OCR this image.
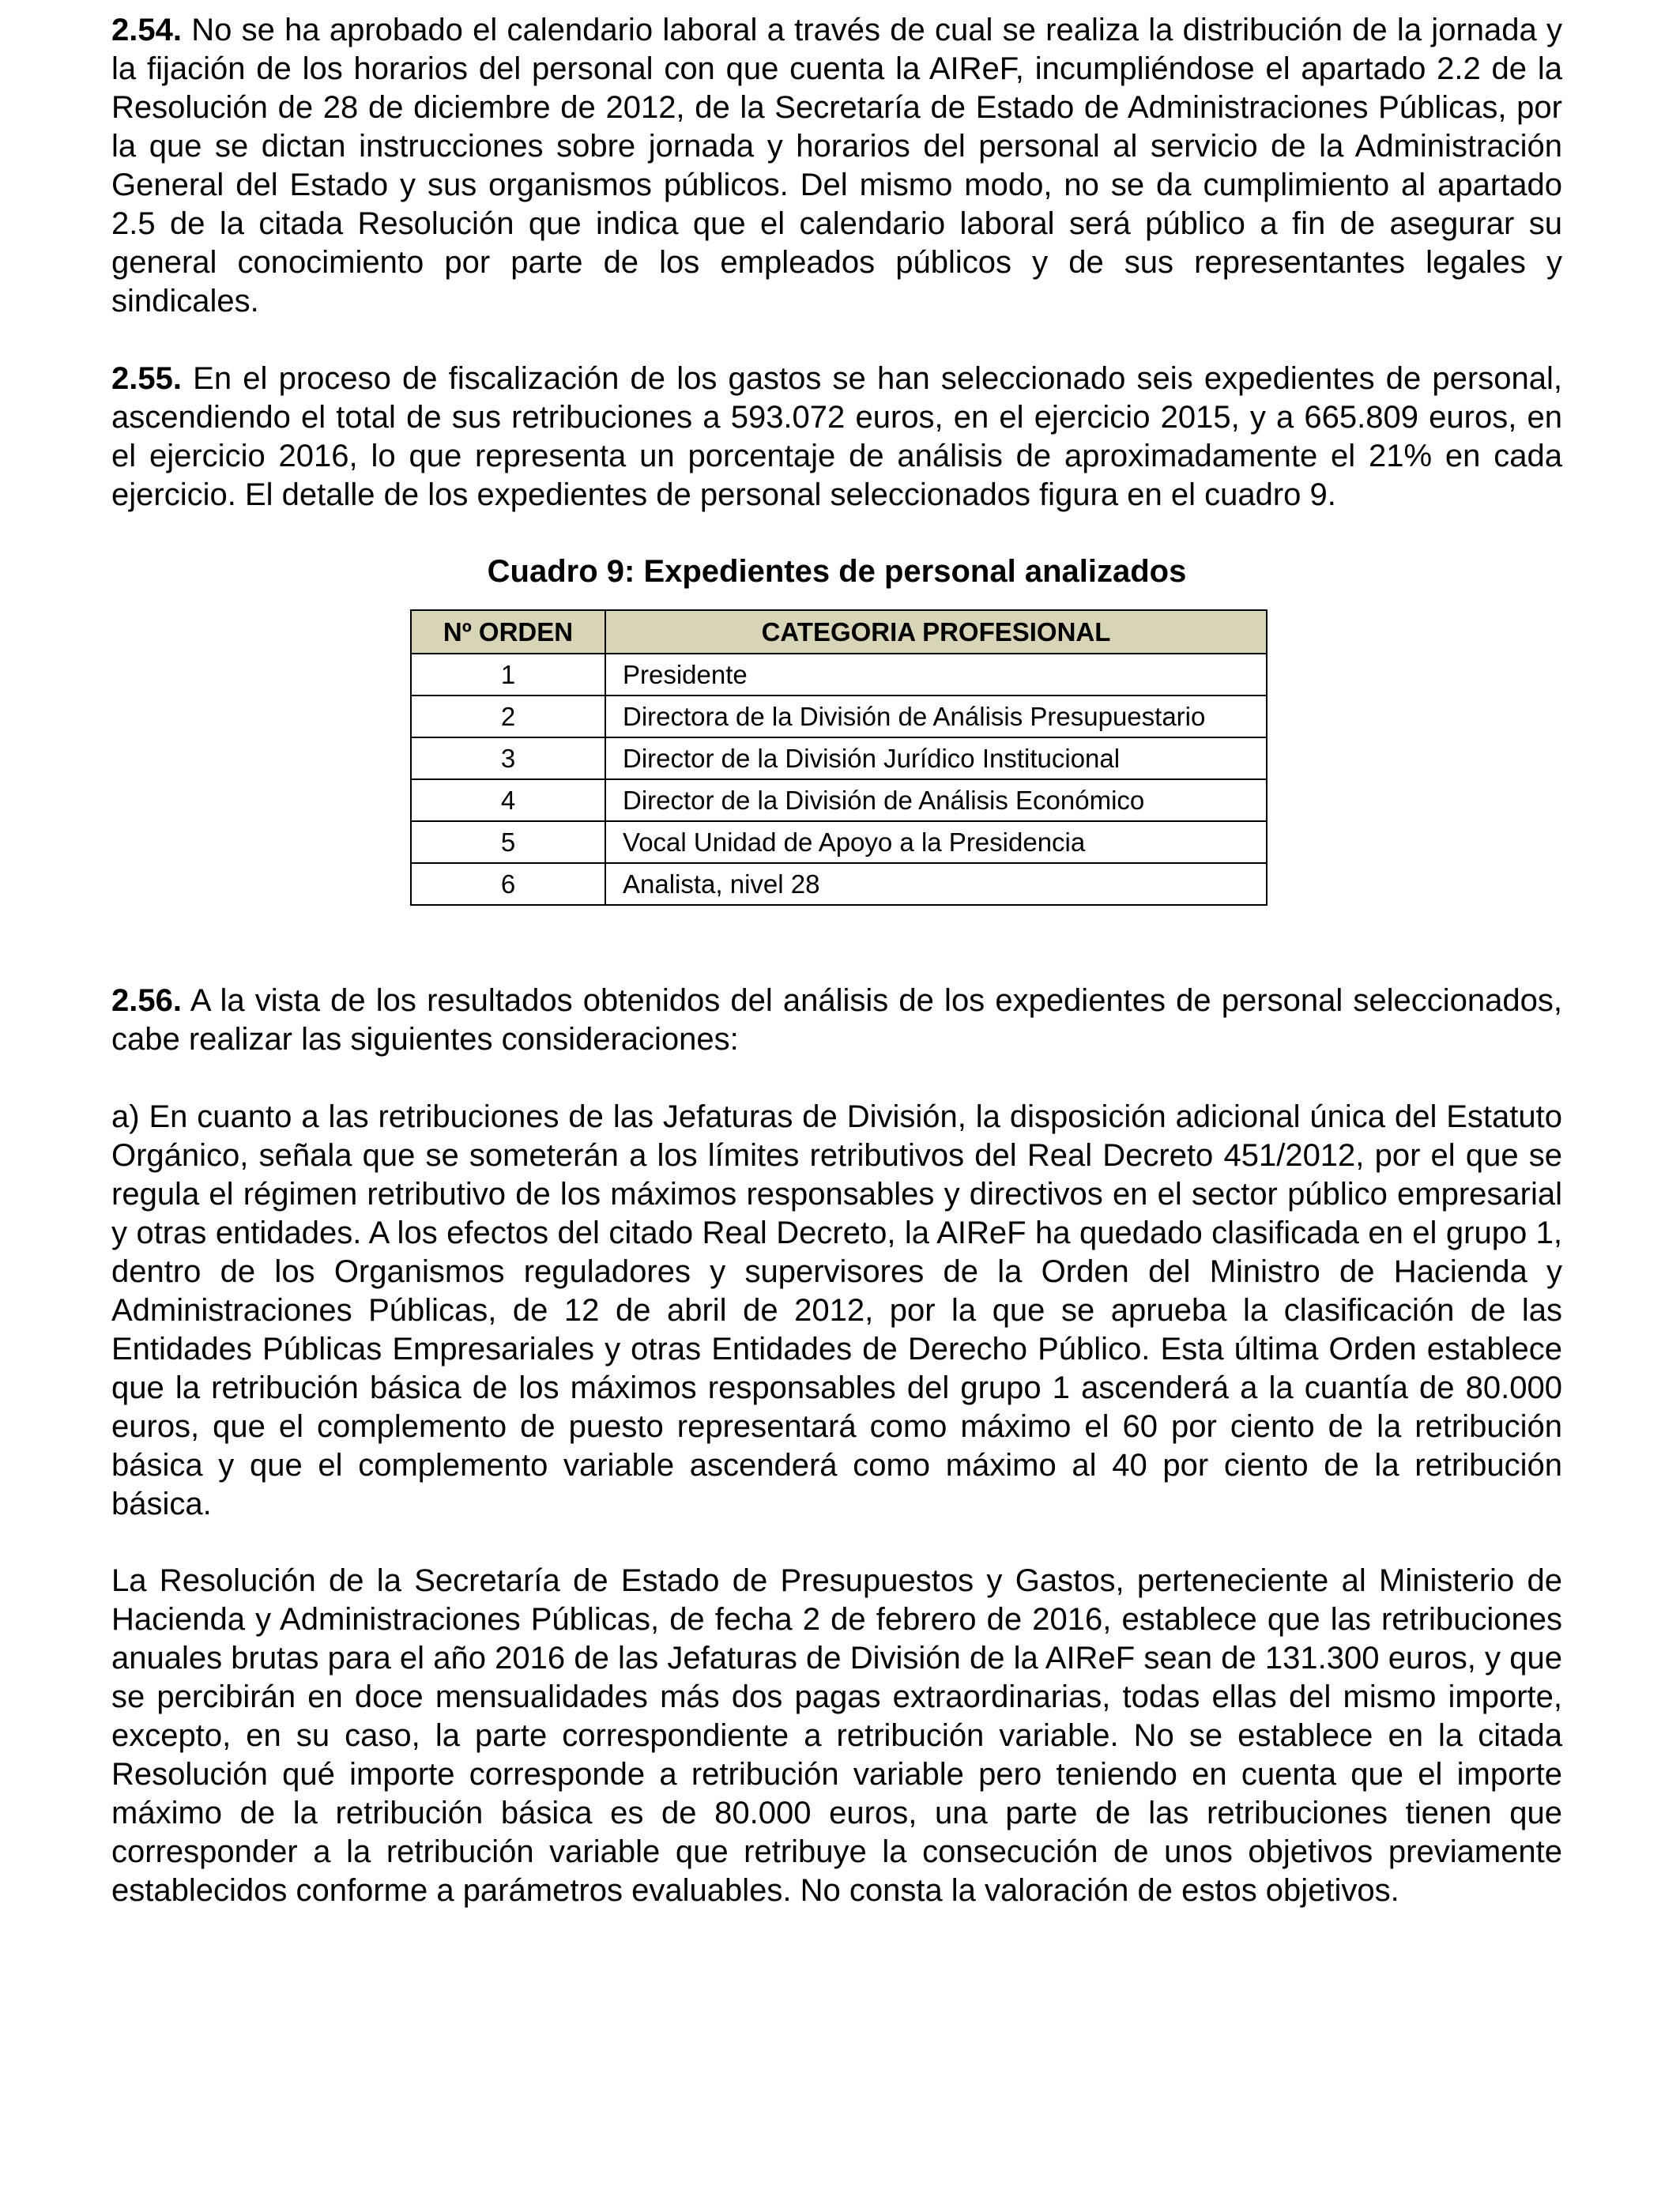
2.54. No se ha aprobado el calendario laboral a través de cual se realiza la distribución de la jornada y la fijación de los horarios del personal con que cuenta la AIReF, incumpliéndose el apartado 2.2 de la Resolución de 28 de diciembre de 2012, de la Secretaría de Estado de Administraciones Públicas, por la que se dictan instrucciones sobre jornada y horarios del personal al servicio de la Administración General del Estado y sus organismos públicos. Del mismo modo, no se da cumplimiento al apartado 2.5 de la citada Resolución que indica que el calendario laboral será público a fin de asegurar su general conocimiento por parte de los empleados públicos y de sus representantes legales y sindicales.

2.55. En el proceso de fiscalización de los gastos se han seleccionado seis expedientes de personal, ascendiendo el total de sus retribuciones a 593.072 euros, en el ejercicio 2015, y a 665.809 euros, en el ejercicio 2016, lo que representa un porcentaje de análisis de aproximadamente el 21% en cada ejercicio. El detalle de los expedientes de personal seleccionados figura en el cuadro 9.

Cuadro 9: Expedientes de personal analizados
Nº ORDEN	CATEGORIA PROFESIONAL
1	Presidente
2	Directora de la División de Análisis Presupuestario
3	Director de la División Jurídico Institucional
4	Director de la División de Análisis Económico
5	Vocal Unidad de Apoyo a la Presidencia
6	Analista, nivel 28

2.56. A la vista de los resultados obtenidos del análisis de los expedientes de personal seleccionados, cabe realizar las siguientes consideraciones:

a) En cuanto a las retribuciones de las Jefaturas de División, la disposición adicional única del Estatuto Orgánico, señala que se someterán a los límites retributivos del Real Decreto 451/2012, por el que se regula el régimen retributivo de los máximos responsables y directivos en el sector público empresarial y otras entidades. A los efectos del citado Real Decreto, la AIReF ha quedado clasificada en el grupo 1, dentro de los Organismos reguladores y supervisores de la Orden del Ministro de Hacienda y Administraciones Públicas, de 12 de abril de 2012, por la que se aprueba la clasificación de las Entidades Públicas Empresariales y otras Entidades de Derecho Público. Esta última Orden establece que la retribución básica de los máximos responsables del grupo 1 ascenderá a la cuantía de 80.000 euros, que el complemento de puesto representará como máximo el 60 por ciento de la retribución básica y que el complemento variable ascenderá como máximo al 40 por ciento de la retribución básica.

La Resolución de la Secretaría de Estado de Presupuestos y Gastos, perteneciente al Ministerio de Hacienda y Administraciones Públicas, de fecha 2 de febrero de 2016, establece que las retribuciones anuales brutas para el año 2016 de las Jefaturas de División de la AIReF sean de 131.300 euros, y que se percibirán en doce mensualidades más dos pagas extraordinarias, todas ellas del mismo importe, excepto, en su caso, la parte correspondiente a retribución variable. No se establece en la citada Resolución qué importe corresponde a retribución variable pero teniendo en cuenta que el importe máximo de la retribución básica es de 80.000 euros, una parte de las retribuciones tienen que corresponder a la retribución variable que retribuye la consecución de unos objetivos previamente establecidos conforme a parámetros evaluables. No consta la valoración de estos objetivos.
